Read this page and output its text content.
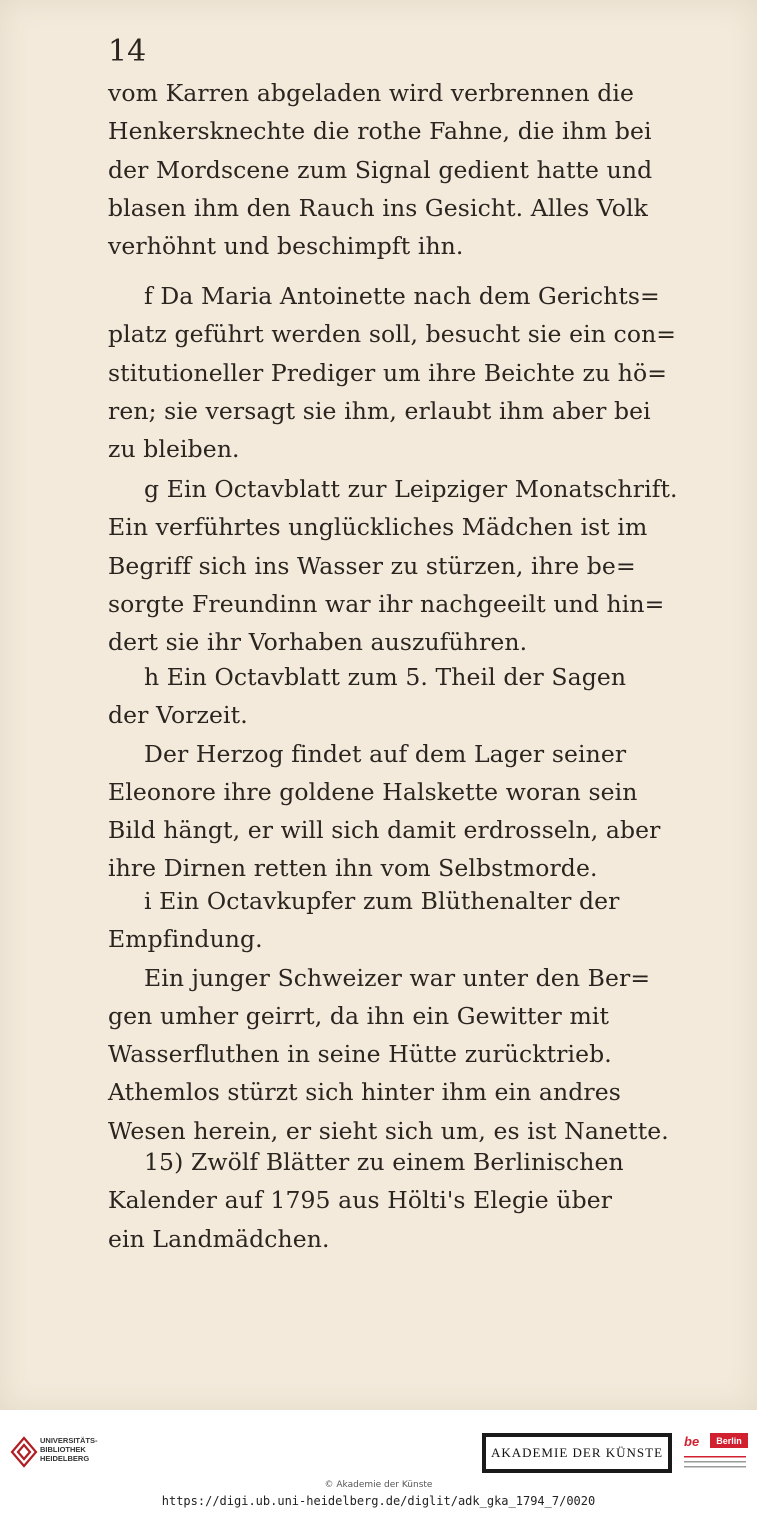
14
vom Karren abgeladen wird verbrennen die
Henkersknechte die rothe Fahne, die ihm bei
der Mordscene zum Signal gedient hatte und
blasen ihm den Rauch ins Gesicht. Alles Volk
verhöhnt und beschimpft ihn.
f Da Maria Antoinette nach dem Gerichts=
platz geführt werden soll, besucht sie ein con=
stitutioneller Prediger um ihre Beichte zu hö=
ren; sie versagt sie ihm, erlaubt ihm aber bei
zu bleiben.
g Ein Octavblatt zur Leipziger Monatschrift.
Ein verführtes unglückliches Mädchen ist im
Begriff sich ins Wasser zu stürzen, ihre be=
sorgte Freundinn war ihr nachgeeilt und hin=
dert sie ihr Vorhaben auszuführen.
h Ein Octavblatt zum 5. Theil der Sagen
der Vorzeit.
Der Herzog findet auf dem Lager seiner
Eleonore ihre goldene Halskette woran sein
Bild hängt, er will sich damit erdrosseln, aber
ihre Dirnen retten ihn vom Selbstmorde.
i Ein Octavkupfer zum Blüthenalter der
Empfindung.
Ein junger Schweizer war unter den Ber=
gen umher geirrt, da ihn ein Gewitter mit
Wasserfluthen in seine Hütte zurücktrieb.
Athemlos stürzt sich hinter ihm ein andres
Wesen herein, er sieht sich um, es ist Nanette.
15) Zwölf Blätter zu einem Berlinischen
Kalender auf 1795 aus Hölti's Elegie über
ein Landmädchen.
UNIVERSITÄTS-
BIBLIOTHEK
HEIDELBERG	AKADEMIE DER KÜNSTE
be Berlin
© Akademie der Künste
https://digi.ub.uni-heidelberg.de/diglit/adk_gka_1794_7/0020
